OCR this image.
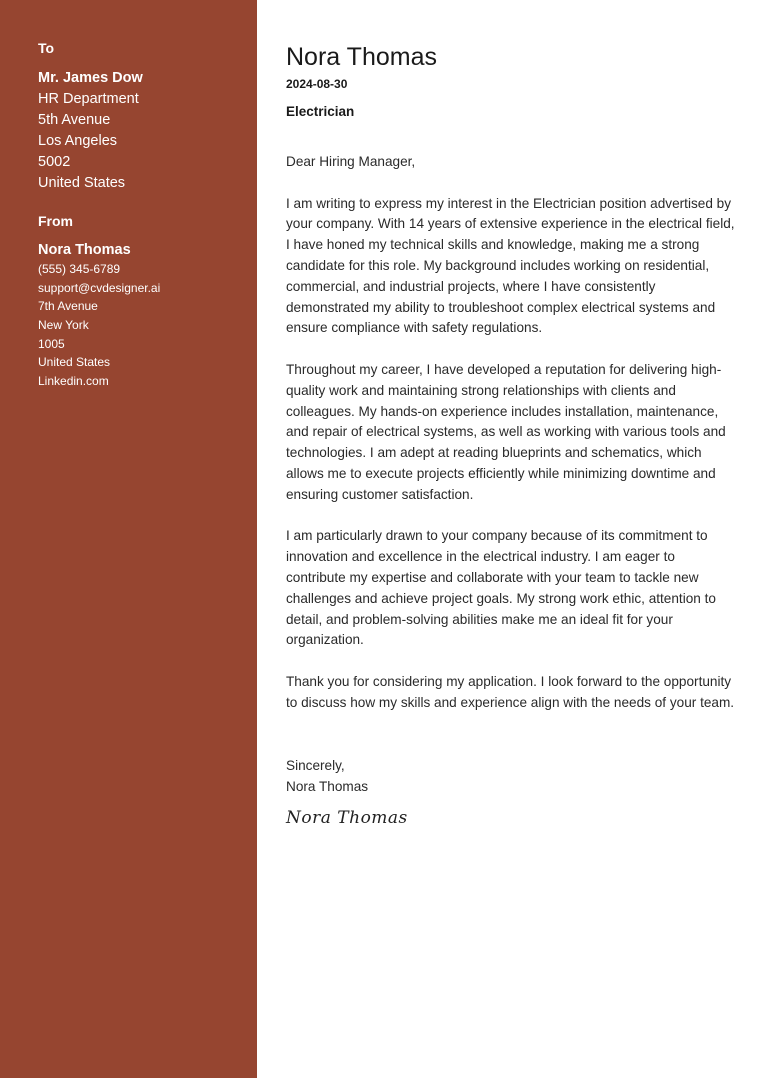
To
Mr. James Dow
HR Department
5th Avenue
Los Angeles
5002
United States
From
Nora Thomas
(555) 345-6789
support@cvdesigner.ai
7th Avenue
New York
1005
United States
Linkedin.com
Nora Thomas
2024-08-30
Electrician

Dear Hiring Manager,

I am writing to express my interest in the Electrician position advertised by your company. With 14 years of extensive experience in the electrical field, I have honed my technical skills and knowledge, making me a strong candidate for this role. My background includes working on residential, commercial, and industrial projects, where I have consistently demonstrated my ability to troubleshoot complex electrical systems and ensure compliance with safety regulations.

Throughout my career, I have developed a reputation for delivering high-quality work and maintaining strong relationships with clients and colleagues. My hands-on experience includes installation, maintenance, and repair of electrical systems, as well as working with various tools and technologies. I am adept at reading blueprints and schematics, which allows me to execute projects efficiently while minimizing downtime and ensuring customer satisfaction.

I am particularly drawn to your company because of its commitment to innovation and excellence in the electrical industry. I am eager to contribute my expertise and collaborate with your team to tackle new challenges and achieve project goals. My strong work ethic, attention to detail, and problem-solving abilities make me an ideal fit for your organization.

Thank you for considering my application. I look forward to the opportunity to discuss how my skills and experience align with the needs of your team.

Sincerely,
Nora Thomas
Nora Thomas
